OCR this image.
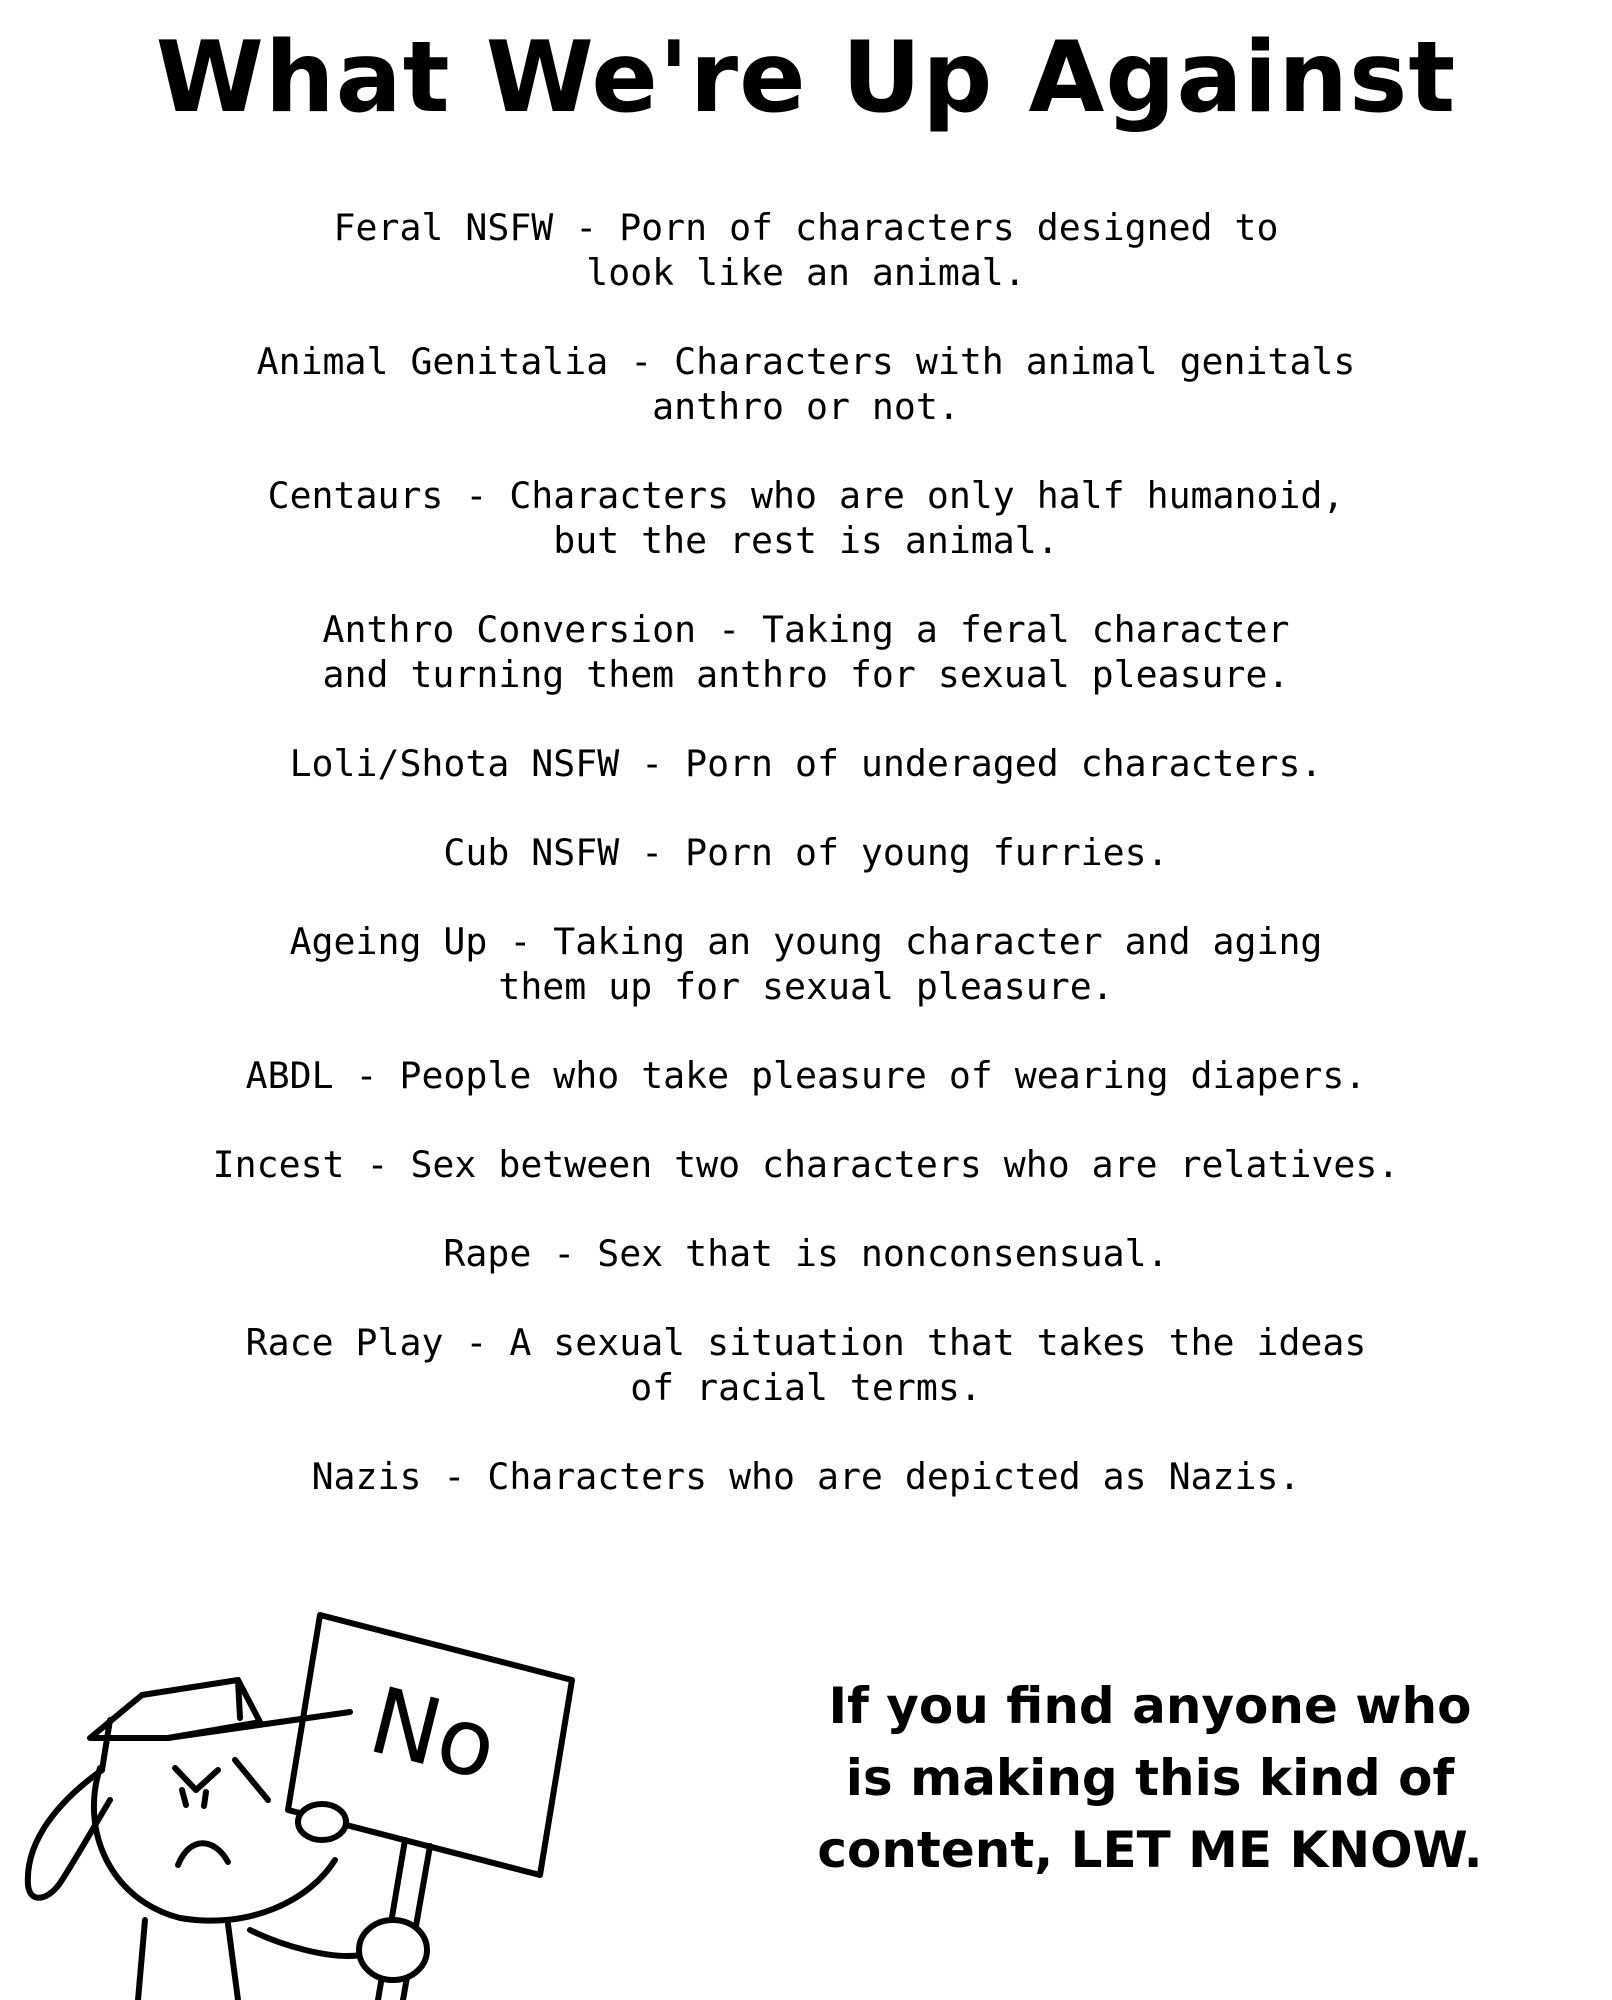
What We're Up Against
Feral NSFW - Porn of characters designed to
look like an animal.
Animal Genitalia - Characters with animal genitals
anthro or not.
Centaurs - Characters who are only half humanoid,
but the rest is animal.
Anthro Conversion - Taking a feral character
and turning them anthro for sexual pleasure.
Loli/Shota NSFW - Porn of underaged characters.
Cub NSFW - Porn of young furries.
Ageing Up - Taking an young character and aging
them up for sexual pleasure.
ABDL - People who take pleasure of wearing diapers.
Incest - Sex between two characters who are relatives.
Rape - Sex that is nonconsensual.
Race Play - A sexual situation that takes the ideas
of racial terms.
Nazis - Characters who are depicted as Nazis.
No	If you find anyone who
is making this kind of
content, LET ME KNOW.
